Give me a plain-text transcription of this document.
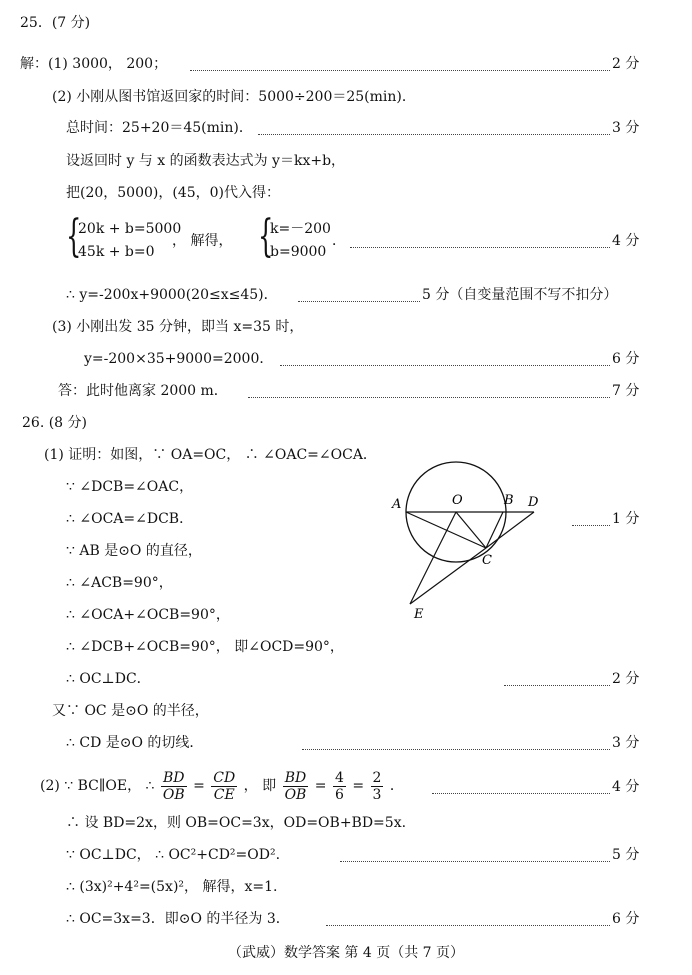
25．(7 分)
解：(1) 3000， 200；	2 分
(2) 小刚从图书馆返回家的时间：5000÷200＝25(min)．
总时间：25+20＝45(min)．	3 分
设返回时 y 与 x 的函数表达式为 y＝kx+b，
把(20，5000)，(45，0)代入得：
{
20k + b=5000
45k + b=0
， 解得， {
k=－200
b=9000
．	4 分
∴ y=-200x+9000(20≤x≤45)．	5 分（自变量范围不写不扣分）
(3) 小刚出发 35 分钟，即当 x=35 时，
y=-200×35+9000=2000．	6 分
答：此时他离家 2000 m．	7 分
26. (8 分)
(1) 证明：如图，∵ OA=OC， ∴ ∠OAC=∠OCA．
∵ ∠DCB=∠OAC，
∴ ∠OCA=∠DCB．	1 分
∵ AB 是⊙O 的直径，
∴ ∠ACB=90°，
∴ ∠OCA+∠OCB=90°，
∴ ∠DCB+∠OCB=90°， 即∠OCD=90°，
∴ OC⊥DC．	2 分
又∵ OC 是⊙O 的半径，
∴ CD 是⊙O 的切线．	3 分
A	O	B D
C
E
(2) ∵ BC∥OE， ∴ $\frac{BD}{OB} = \frac{CD}{CE}$ ， 即 $\frac{BD}{OB} = \frac{4}{6} = \frac{2}{3}$ ．	4 分
∴ 设 BD=2x，则 OB=OC=3x，OD=OB+BD=5x.
∵ OC⊥DC， ∴ OC²+CD²=OD².	5 分
∴ (3x)²+4²=(5x)²， 解得，x=1.
∴ OC=3x=3．即⊙O 的半径为 3．	6 分
（武威）数学答案 第 4 页（共 7 页）
